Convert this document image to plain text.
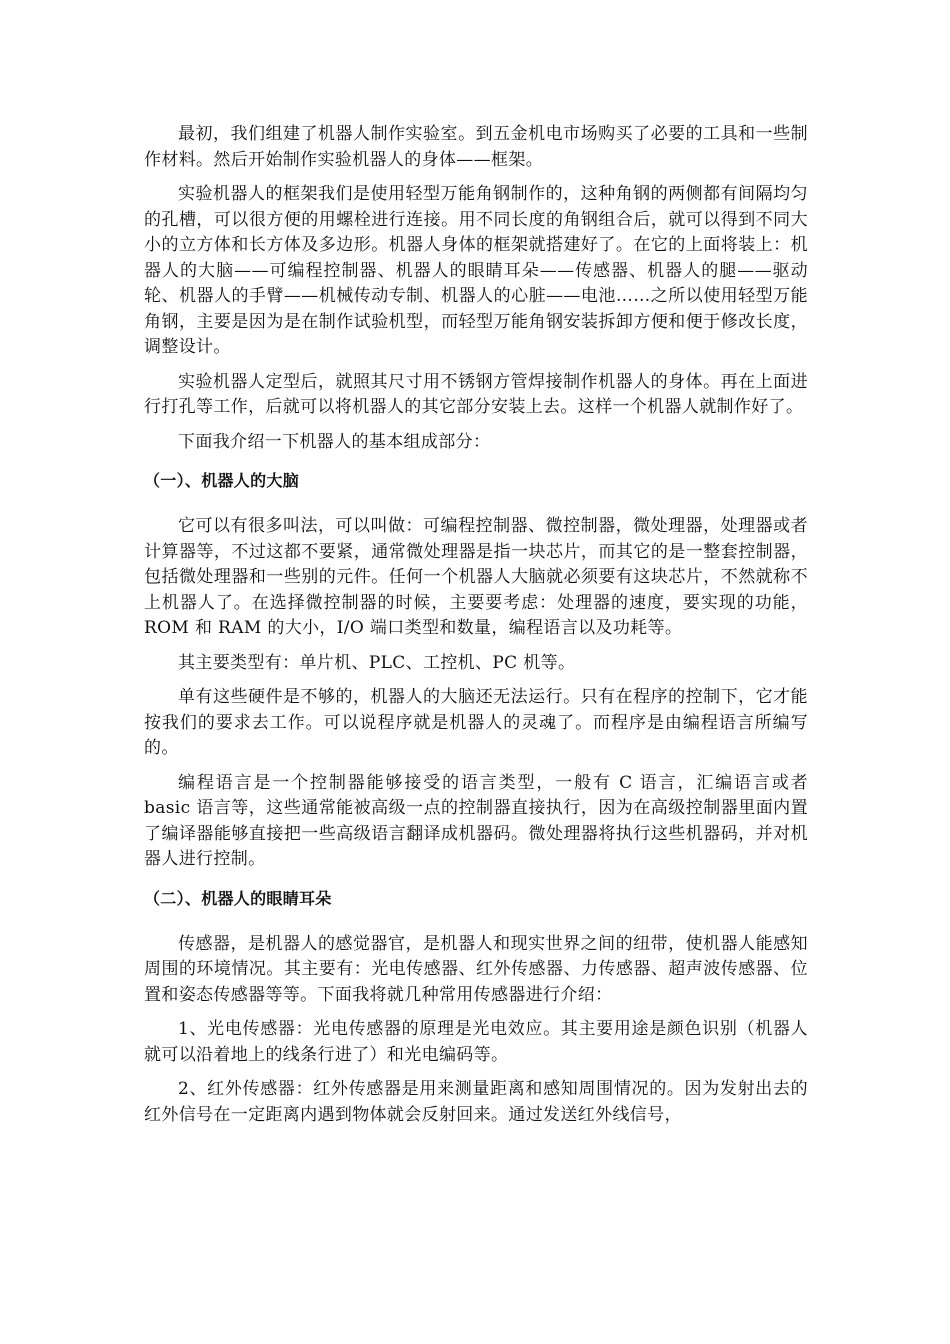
最初，我们组建了机器人制作实验室。到五金机电市场购买了必要的工具和一些制作材料。然后开始制作实验机器人的身体——框架。

实验机器人的框架我们是使用轻型万能角钢制作的，这种角钢的两侧都有间隔均匀的孔槽，可以很方便的用螺栓进行连接。用不同长度的角钢组合后，就可以得到不同大小的立方体和长方体及多边形。机器人身体的框架就搭建好了。在它的上面将装上：机器人的大脑——可编程控制器、机器人的眼睛耳朵——传感器、机器人的腿——驱动轮、机器人的手臂——机械传动专制、机器人的心脏——电池……之所以使用轻型万能角钢，主要是因为是在制作试验机型，而轻型万能角钢安装拆卸方便和便于修改长度，调整设计。

实验机器人定型后，就照其尺寸用不锈钢方管焊接制作机器人的身体。再在上面进行打孔等工作，后就可以将机器人的其它部分安装上去。这样一个机器人就制作好了。

下面我介绍一下机器人的基本组成部分：

（一）、机器人的大脑

它可以有很多叫法，可以叫做：可编程控制器、微控制器，微处理器，处理器或者计算器等，不过这都不要紧，通常微处理器是指一块芯片，而其它的是一整套控制器，包括微处理器和一些别的元件。任何一个机器人大脑就必须要有这块芯片，不然就称不上机器人了。在选择微控制器的时候，主要要考虑：处理器的速度，要实现的功能，ROM 和 RAM 的大小，I/O 端口类型和数量，编程语言以及功耗等。

其主要类型有：单片机、PLC、工控机、PC 机等。

单有这些硬件是不够的，机器人的大脑还无法运行。只有在程序的控制下，它才能按我们的要求去工作。可以说程序就是机器人的灵魂了。而程序是由编程语言所编写的。

编程语言是一个控制器能够接受的语言类型，一般有 C 语言，汇编语言或者 basic 语言等，这些通常能被高级一点的控制器直接执行，因为在高级控制器里面内置了编译器能够直接把一些高级语言翻译成机器码。微处理器将执行这些机器码，并对机器人进行控制。

（二）、机器人的眼睛耳朵

传感器，是机器人的感觉器官，是机器人和现实世界之间的纽带，使机器人能感知周围的环境情况。其主要有：光电传感器、红外传感器、力传感器、超声波传感器、位置和姿态传感器等等。下面我将就几种常用传感器进行介绍：

1、光电传感器：光电传感器的原理是光电效应。其主要用途是颜色识别（机器人就可以沿着地上的线条行进了）和光电编码等。

2、红外传感器：红外传感器是用来测量距离和感知周围情况的。因为发射出去的红外信号在一定距离内遇到物体就会反射回来。通过发送红外线信号，
